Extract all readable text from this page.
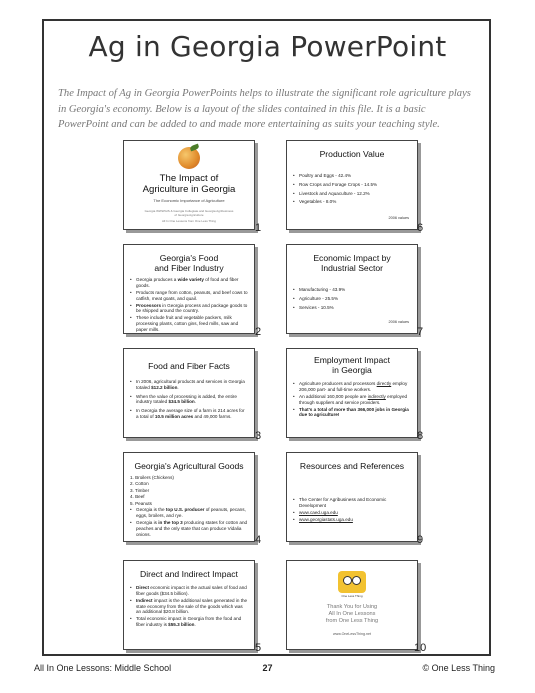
Ag in Georgia PowerPoint
The Impact of Ag in Georgia PowerPoints helps to illustrate the significant role agriculture plays in Georgia's economy. Below is a layout of the slides contained in this file. It is a basic PowerPoint and can be added to and made more entertaining as suits your teaching style.
The Impact of
Agriculture in Georgia
The Economic Importance of Agriculture
Georgia WWWGIS & Georgia Collegiate and Georgia Agribusiness of Georgia Agriculture
All In One Lessons from One Less Thing
1
Georgia's Food
and Fiber Industry
• Georgia produces a wide variety of food and fiber goods.
• Products range from cotton, peanuts, and beef cows to catfish, meat goats, and quail.
• Processors in Georgia process and package goods to be shipped around the country.
• These include fruit and vegetable packers, milk processing plants, cotton gins, feed mills, saw and paper mills.	2
Food and Fiber Facts
• In 2006, agricultural products and services in Georgia totaled $12.2 billion.
• When the value of processing is added, the entire industry totaled $34.5 billion.
• In Georgia the average size of a farm is 214 acres for a total of 10.5 million acres and 49,000 farms.
3
Georgia's Agricultural Goods
1. Broilers (Chickens)
2. Cotton
3. Timber
4. Beef
5. Peanuts
• Georgia is the top U.S. producer of peanuts, pecans, eggs, broilers, and rye.
• Georgia is in the top 3 producing states for cotton and peaches and the only state that can produce Vidalia onions.	4
Direct and Indirect Impact
• Direct economic impact is the actual sales of food and fiber goods ($34.5 billion).
• Indirect impact is the additional sales generated in the state economy from the sale of the goods which was an additional $20.8 billion.
• Total economic impact in Georgia from the food and fiber industry is $55.3 billion.
5
Production Value
• Poultry and Eggs - 42.4%
• Row Crops and Forage Crops - 14.5%
• Livestock and Aquaculture - 12.2%
• Vegetables - 8.0%
2006 values
6
Economic Impact by
Industrial Sector
• Manufacturing - 43.9%
• Agriculture - 25.5%
• Services - 10.5%
2006 values
7
Employment Impact
in Georgia
• Agriculture producers and processors directly employ 206,000 part- and full-time workers.
• An additional 160,000 people are indirectly employed through suppliers and service providers.
• That's a total of more than 366,000 jobs in Georgia due to agriculture!
8
Resources and References
• The Center for Agribusiness and Economic Development
• www.caed.uga.edu
• www.georgiastats.uga.edu
9
One Less Thing
Thank You for Using
All In One Lessons
from One Less Thing
www.OneLessThing.net
10
All In One Lessons: Middle School	27	© One Less Thing
